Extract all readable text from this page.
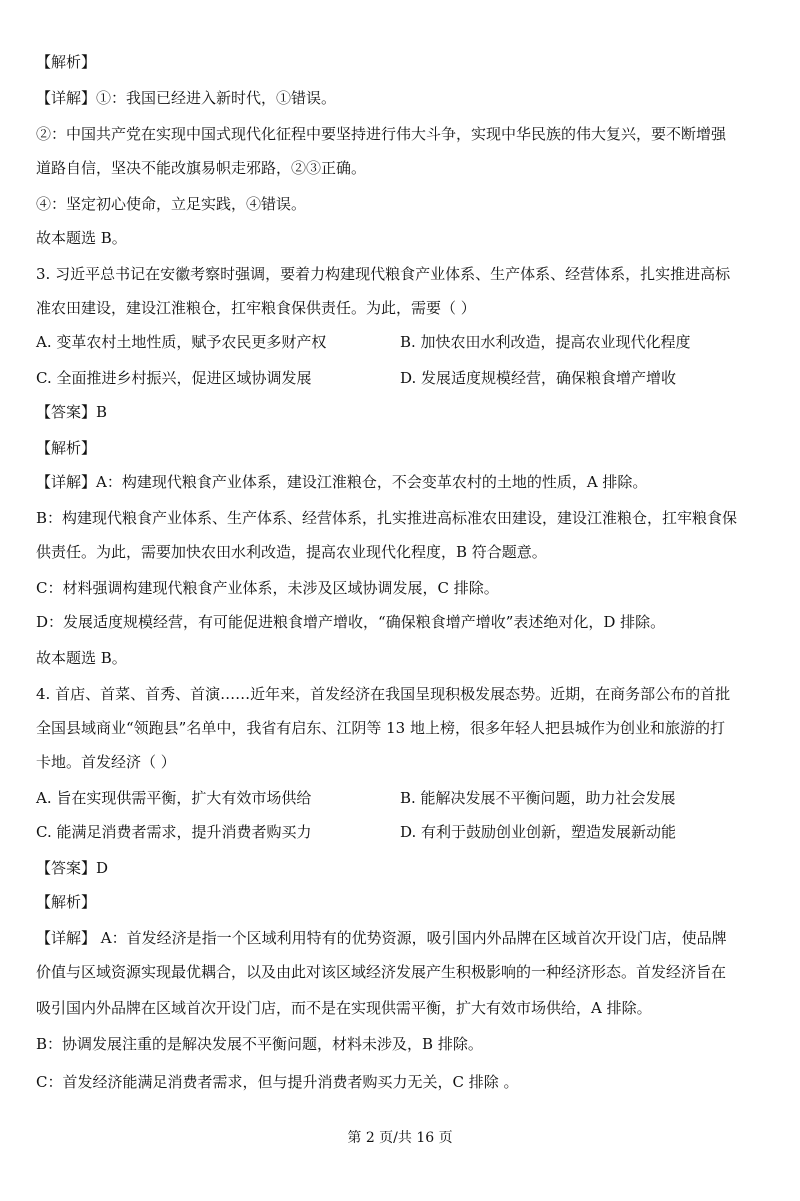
【解析】
【详解】①：我国已经进入新时代，①错误。
②：中国共产党在实现中国式现代化征程中要坚持进行伟大斗争，实现中华民族的伟大复兴，要不断增强
道路自信，坚决不能改旗易帜走邪路，②③正确。
④：坚定初心使命，立足实践，④错误。
故本题选 B。
3. 习近平总书记在安徽考察时强调，要着力构建现代粮食产业体系、生产体系、经营体系，扎实推进高标
准农田建设，建设江淮粮仓，扛牢粮食保供责任。为此，需要（ ）
A. 变革农村土地性质，赋予农民更多财产权	B. 加快农田水利改造，提高农业现代化程度
C. 全面推进乡村振兴，促进区域协调发展	D. 发展适度规模经营，确保粮食增产增收
【答案】B
【解析】
【详解】A：构建现代粮食产业体系，建设江淮粮仓，不会变革农村的土地的性质，A 排除。
B：构建现代粮食产业体系、生产体系、经营体系，扎实推进高标准农田建设，建设江淮粮仓，扛牢粮食保
供责任。为此，需要加快农田水利改造，提高农业现代化程度，B 符合题意。
C：材料强调构建现代粮食产业体系，未涉及区域协调发展，C 排除。
D：发展适度规模经营，有可能促进粮食增产增收，“确保粮食增产增收”表述绝对化，D 排除。
故本题选 B。
4. 首店、首菜、首秀、首演……近年来，首发经济在我国呈现积极发展态势。近期，在商务部公布的首批
全国县域商业“领跑县”名单中，我省有启东、江阴等 13 地上榜，很多年轻人把县城作为创业和旅游的打
卡地。首发经济（ ）
A. 旨在实现供需平衡，扩大有效市场供给	B. 能解决发展不平衡问题，助力社会发展
C. 能满足消费者需求，提升消费者购买力	D. 有利于鼓励创业创新，塑造发展新动能
【答案】D
【解析】
【详解】 A：首发经济是指一个区域利用特有的优势资源，吸引国内外品牌在区域首次开设门店，使品牌
价值与区域资源实现最优耦合，以及由此对该区域经济发展产生积极影响的一种经济形态。首发经济旨在
吸引国内外品牌在区域首次开设门店，而不是在实现供需平衡，扩大有效市场供给，A 排除。
B：协调发展注重的是解决发展不平衡问题，材料未涉及，B 排除。
C：首发经济能满足消费者需求，但与提升消费者购买力无关，C 排除 。
第 2 页/共 16 页
